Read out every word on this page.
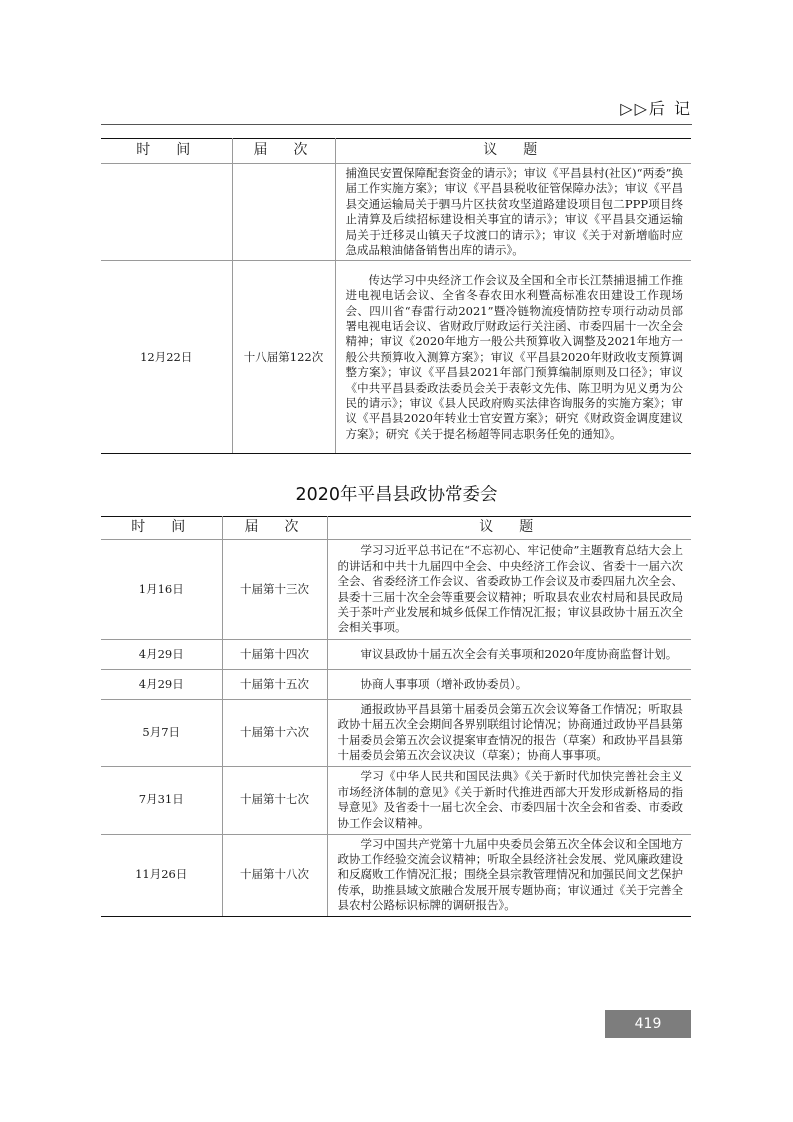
▷▷后 记
时　间	届　次	议　题
		捕渔民安置保障配套资金的请示》；审议《平昌县村(社区)“两委”换届工作实施方案》；审议《平昌县税收征管保障办法》；审议《平昌县交通运输局关于驷马片区扶贫攻坚道路建设项目包二PPP项目终止清算及后续招标建设相关事宜的请示》；审议《平昌县交通运输局关于迁移灵山镇天子坟渡口的请示》；审议《关于对新增临时应急成品粮油储备销售出库的请示》。
12月22日	十八届第122次	传达学习中央经济工作会议及全国和全市长江禁捕退捕工作推进电视电话会议、全省冬春农田水利暨高标准农田建设工作现场会、四川省“春雷行动2021”暨冷链物流疫情防控专项行动动员部署电视电话会议、省财政厅财政运行关注函、市委四届十一次全会精神；审议《2020年地方一般公共预算收入调整及2021年地方一般公共预算收入测算方案》；审议《平昌县2020年财政收支预算调整方案》；审议《平昌县2021年部门预算编制原则及口径》；审议《中共平昌县委政法委员会关于表彰文先伟、陈卫明为见义勇为公民的请示》；审议《县人民政府购买法律咨询服务的实施方案》；审议《平昌县2020年转业士官安置方案》；研究《财政资金调度建议方案》；研究《关于提名杨超等同志职务任免的通知》。
2020年平昌县政协常委会
时　间	届　次	议　题
1月16日	十届第十三次	学习习近平总书记在“不忘初心、牢记使命”主题教育总结大会上的讲话和中共十九届四中全会、中央经济工作会议、省委十一届六次全会、省委经济工作会议、省委政协工作会议及市委四届九次全会、县委十三届十次全会等重要会议精神；听取县农业农村局和县民政局关于茶叶产业发展和城乡低保工作情况汇报；审议县政协十届五次全会相关事项。
4月29日	十届第十四次	审议县政协十届五次全会有关事项和2020年度协商监督计划。
4月29日	十届第十五次	协商人事事项（增补政协委员）。
5月7日	十届第十六次	通报政协平昌县第十届委员会第五次会议筹备工作情况；听取县政协十届五次全会期间各界别联组讨论情况；协商通过政协平昌县第十届委员会第五次会议提案审查情况的报告（草案）和政协平昌县第十届委员会第五次会议决议（草案）；协商人事事项。
7月31日	十届第十七次	学习《中华人民共和国民法典》《关于新时代加快完善社会主义市场经济体制的意见》《关于新时代推进西部大开发形成新格局的指导意见》及省委十一届七次全会、市委四届十次全会和省委、市委政协工作会议精神。
11月26日	十届第十八次	学习中国共产党第十九届中央委员会第五次全体会议和全国地方政协工作经验交流会议精神；听取全县经济社会发展、党风廉政建设和反腐败工作情况汇报；围绕全县宗教管理情况和加强民间文艺保护传承，助推县域文旅融合发展开展专题协商；审议通过《关于完善全县农村公路标识标牌的调研报告》。
419
